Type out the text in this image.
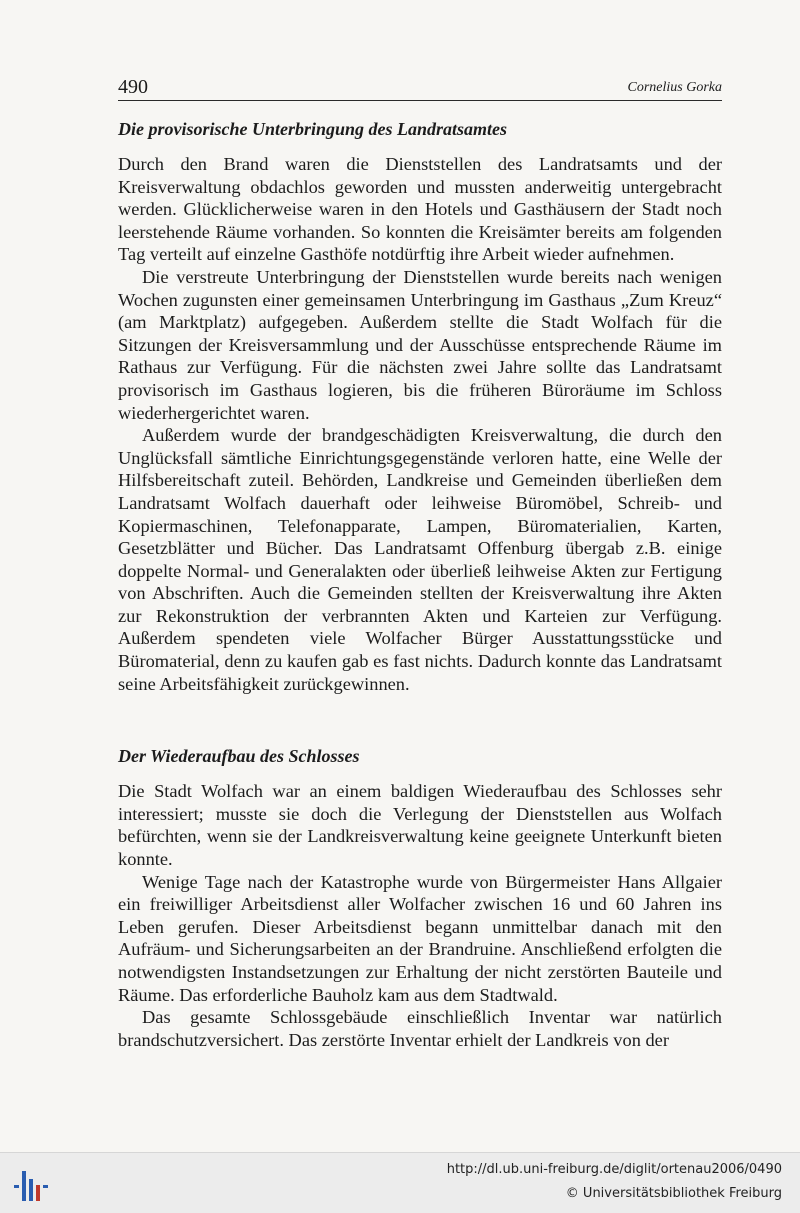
490	Cornelius Gorka
Die provisorische Unterbringung des Landratsamtes

Durch den Brand waren die Dienststellen des Landratsamts und der Kreisverwaltung obdachlos geworden und mussten anderweitig untergebracht werden. Glücklicherweise waren in den Hotels und Gasthäusern der Stadt noch leerstehende Räume vorhanden. So konnten die Kreisämter bereits am folgenden Tag verteilt auf einzelne Gasthöfe notdürftig ihre Arbeit wieder aufnehmen.

Die verstreute Unterbringung der Dienststellen wurde bereits nach wenigen Wochen zugunsten einer gemeinsamen Unterbringung im Gasthaus „Zum Kreuz“ (am Marktplatz) aufgegeben. Außerdem stellte die Stadt Wolfach für die Sitzungen der Kreisversammlung und der Ausschüsse entsprechende Räume im Rathaus zur Verfügung. Für die nächsten zwei Jahre sollte das Landratsamt provisorisch im Gasthaus logieren, bis die früheren Büroräume im Schloss wiederhergerichtet waren.

Außerdem wurde der brandgeschädigten Kreisverwaltung, die durch den Unglücksfall sämtliche Einrichtungsgegenstände verloren hatte, eine Welle der Hilfsbereitschaft zuteil. Behörden, Landkreise und Gemeinden überließen dem Landratsamt Wolfach dauerhaft oder leihweise Büromöbel, Schreib- und Kopiermaschinen, Telefonapparate, Lampen, Büromaterialien, Karten, Gesetzblätter und Bücher. Das Landratsamt Offenburg übergab z.B. einige doppelte Normal- und Generalakten oder überließ leihweise Akten zur Fertigung von Abschriften. Auch die Gemeinden stellten der Kreisverwaltung ihre Akten zur Rekonstruktion der verbrannten Akten und Karteien zur Verfügung. Außerdem spendeten viele Wolfacher Bürger Ausstattungsstücke und Büromaterial, denn zu kaufen gab es fast nichts. Dadurch konnte das Landratsamt seine Arbeitsfähigkeit zurückgewinnen.

Der Wiederaufbau des Schlosses

Die Stadt Wolfach war an einem baldigen Wiederaufbau des Schlosses sehr interessiert; musste sie doch die Verlegung der Dienststellen aus Wolfach befürchten, wenn sie der Landkreisverwaltung keine geeignete Unterkunft bieten konnte.

Wenige Tage nach der Katastrophe wurde von Bürgermeister Hans Allgaier ein freiwilliger Arbeitsdienst aller Wolfacher zwischen 16 und 60 Jahren ins Leben gerufen. Dieser Arbeitsdienst begann unmittelbar danach mit den Aufräum- und Sicherungsarbeiten an der Brandruine. Anschließend erfolgten die notwendigsten Instandsetzungen zur Erhaltung der nicht zerstörten Bauteile und Räume. Das erforderliche Bauholz kam aus dem Stadtwald.

Das gesamte Schlossgebäude einschließlich Inventar war natürlich brandschutzversichert. Das zerstörte Inventar erhielt der Landkreis von der

http://dl.ub.uni-freiburg.de/diglit/ortenau2006/0490
© Universitätsbibliothek Freiburg
